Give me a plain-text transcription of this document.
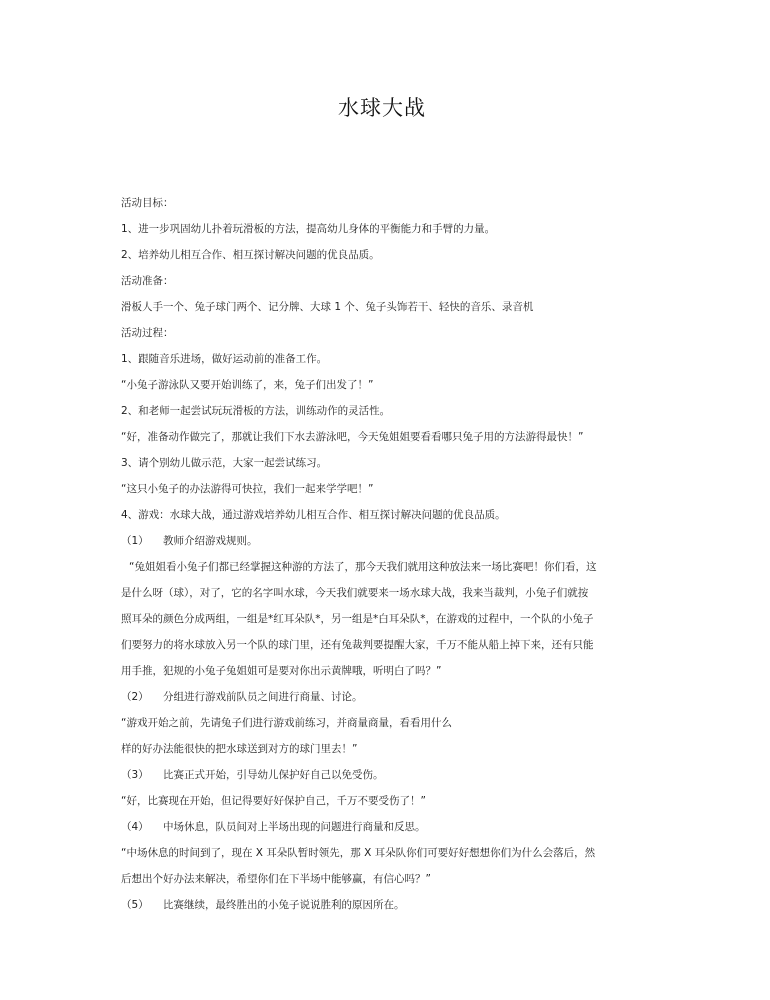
水球大战
活动目标：
1、进一步巩固幼儿扑着玩滑板的方法，提高幼儿身体的平衡能力和手臂的力量。
2、培养幼儿相互合作、相互探讨解决问题的优良品质。
活动准备：
滑板人手一个、兔子球门两个、记分牌、大球 1 个、兔子头饰若干、轻快的音乐、录音机
活动过程：
1、跟随音乐进场，做好运动前的准备工作。
“小兔子游泳队又要开始训练了，来，兔子们出发了！”
2、和老师一起尝试玩玩滑板的方法，训练动作的灵活性。
“好，准备动作做完了，那就让我们下水去游泳吧，今天兔姐姐要看看哪只兔子用的方法游得最快！”
3、请个别幼儿做示范，大家一起尝试练习。
“这只小兔子的办法游得可快拉，我们一起来学学吧！”
4、游戏：水球大战，通过游戏培养幼儿相互合作、相互探讨解决问题的优良品质。
（1） 教师介绍游戏规则。
“兔姐姐看小兔子们都已经掌握这种游的方法了，那今天我们就用这种放法来一场比赛吧！你们看，这
是什么呀（球），对了，它的名字叫水球，今天我们就要来一场水球大战，我来当裁判，小兔子们就按
照耳朵的颜色分成两组，一组是*红耳朵队*，另一组是*白耳朵队*，在游戏的过程中，一个队的小兔子
们要努力的将水球放入另一个队的球门里，还有兔裁判要提醒大家，千万不能从船上掉下来，还有只能
用手推，犯规的小兔子兔姐姐可是要对你出示黄牌哦，听明白了吗？”
（2） 分组进行游戏前队员之间进行商量、讨论。
“游戏开始之前，先请兔子们进行游戏前练习，并商量商量，看看用什么
样的好办法能很快的把水球送到对方的球门里去！”
（3） 比赛正式开始，引导幼儿保护好自己以免受伤。
“好，比赛现在开始，但记得要好好保护自己，千万不要受伤了！”
（4） 中场休息，队员间对上半场出现的问题进行商量和反思。
“中场休息的时间到了，现在 X 耳朵队暂时领先，那 X 耳朵队你们可要好好想想你们为什么会落后，然
后想出个好办法来解决，希望你们在下半场中能够赢，有信心吗？”
（5） 比赛继续，最终胜出的小兔子说说胜利的原因所在。
